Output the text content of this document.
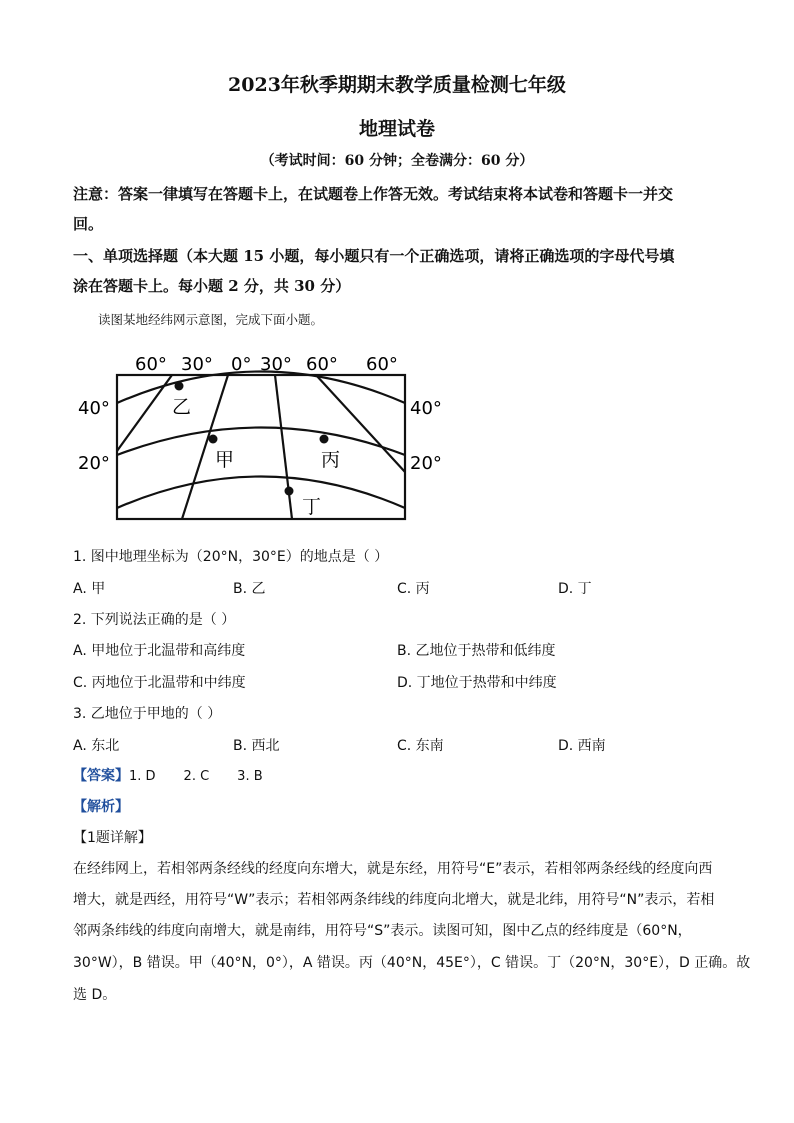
2023年秋季期期末教学质量检测七年级
地理试卷
（考试时间：60 分钟；全卷满分：60 分）
注意：答案一律填写在答题卡上，在试题卷上作答无效。考试结束将本试卷和答题卡一并交
回。
一、单项选择题（本大题 15 小题，每小题只有一个正确选项，请将正确选项的字母代号填
涂在答题卡上。每小题 2 分，共 30 分）
读图某地经纬网示意图，完成下面小题。
乙
甲	丙
丁
60° 30° 0° 30° 60° 60°
40°
20°
40°
20°
1. 图中地理坐标为（20°N，30°E）的地点是（ ）
A. 甲	B. 乙	C. 丙	D. 丁
2. 下列说法正确的是（ ）
A. 甲地位于北温带和高纬度	B. 乙地位于热带和低纬度
C. 丙地位于北温带和中纬度	D. 丁地位于热带和中纬度
3. 乙地位于甲地的（ ）
A. 东北	B. 西北	C. 东南	D. 西南
【答案】1. D 2. C 3. B
【解析】
【1题详解】
在经纬网上，若相邻两条经线的经度向东增大，就是东经，用符号“E”表示，若相邻两条经线的经度向西
增大，就是西经，用符号“W”表示；若相邻两条纬线的纬度向北增大，就是北纬，用符号“N”表示，若相
邻两条纬线的纬度向南增大，就是南纬，用符号“S”表示。读图可知，图中乙点的经纬度是（60°N，
30°W），B 错误。甲（40°N，0°），A 错误。丙（40°N，45E°），C 错误。丁（20°N，30°E），D 正确。故
选 D。
